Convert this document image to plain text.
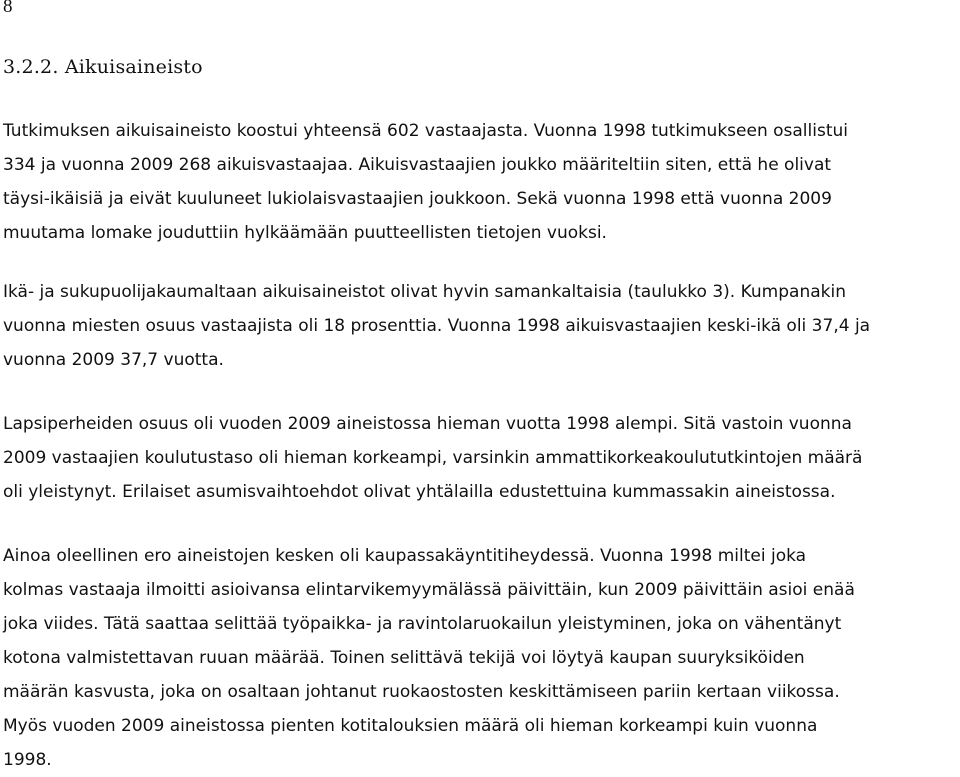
8
3.2.2. Aikuisaineisto
Tutkimuksen aikuisaineisto koostui yhteensä 602 vastaajasta. Vuonna 1998 tutkimukseen osallistui
334 ja vuonna 2009 268 aikuisvastaajaa. Aikuisvastaajien joukko määriteltiin siten, että he olivat
täysi-ikäisiä ja eivät kuuluneet lukiolaisvastaajien joukkoon. Sekä vuonna 1998 että vuonna 2009
muutama lomake jouduttiin hylkäämään puutteellisten tietojen vuoksi.
Ikä- ja sukupuolijakaumaltaan aikuisaineistot olivat hyvin samankaltaisia (taulukko 3). Kumpanakin
vuonna miesten osuus vastaajista oli 18 prosenttia. Vuonna 1998 aikuisvastaajien keski-ikä oli 37,4 ja
vuonna 2009 37,7 vuotta.
Lapsiperheiden osuus oli vuoden 2009 aineistossa hieman vuotta 1998 alempi. Sitä vastoin vuonna
2009 vastaajien koulutustaso oli hieman korkeampi, varsinkin ammattikorkeakoulututkintojen määrä
oli yleistynyt. Erilaiset asumisvaihtoehdot olivat yhtälailla edustettuina kummassakin aineistossa.
Ainoa oleellinen ero aineistojen kesken oli kaupassakäyntitiheydessä. Vuonna 1998 miltei joka
kolmas vastaaja ilmoitti asioivansa elintarvikemyymälässä päivittäin, kun 2009 päivittäin asioi enää
joka viides. Tätä saattaa selittää työpaikka- ja ravintolaruokailun yleistyminen, joka on vähentänyt
kotona valmistettavan ruuan määrää. Toinen selittävä tekijä voi löytyä kaupan suuryksiköiden
määrän kasvusta, joka on osaltaan johtanut ruokaostosten keskittämiseen pariin kertaan viikossa.
Myös vuoden 2009 aineistossa pienten kotitalouksien määrä oli hieman korkeampi kuin vuonna
1998.
